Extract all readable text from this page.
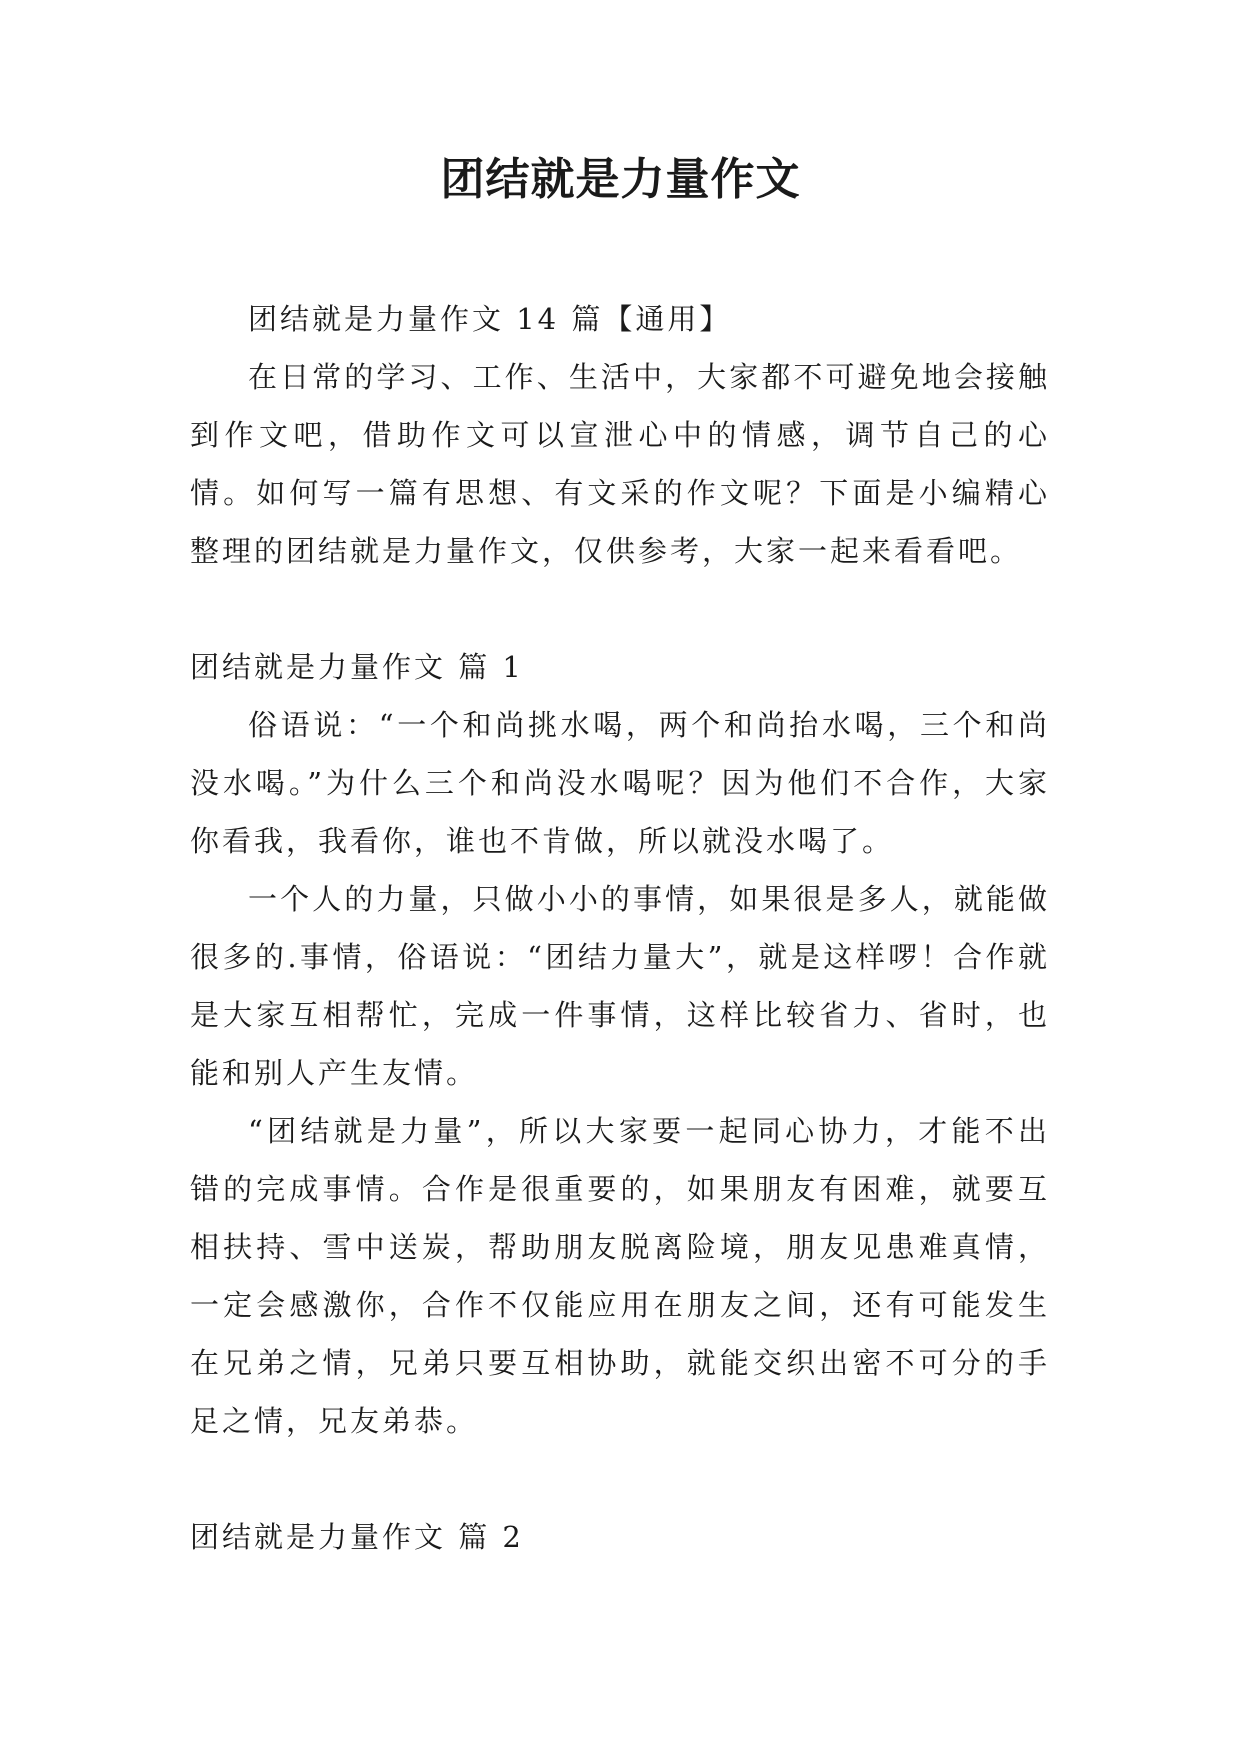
团结就是力量作文

团结就是力量作文 14 篇【通用】

在日常的学习、工作、生活中，大家都不可避免地会接触到作文吧，借助作文可以宣泄心中的情感，调节自己的心情。如何写一篇有思想、有文采的作文呢？下面是小编精心整理的团结就是力量作文，仅供参考，大家一起来看看吧。

团结就是力量作文 篇 1

俗语说：“一个和尚挑水喝，两个和尚抬水喝，三个和尚没水喝。”为什么三个和尚没水喝呢？因为他们不合作，大家你看我，我看你，谁也不肯做，所以就没水喝了。

一个人的力量，只做小小的事情，如果很是多人，就能做很多的.事情，俗语说：“团结力量大”，就是这样啰！合作就是大家互相帮忙，完成一件事情，这样比较省力、省时，也能和别人产生友情。

“团结就是力量”，所以大家要一起同心协力，才能不出错的完成事情。合作是很重要的，如果朋友有困难，就要互相扶持、雪中送炭，帮助朋友脱离险境，朋友见患难真情，一定会感激你，合作不仅能应用在朋友之间，还有可能发生在兄弟之情，兄弟只要互相协助，就能交织出密不可分的手足之情，兄友弟恭。

团结就是力量作文 篇 2
